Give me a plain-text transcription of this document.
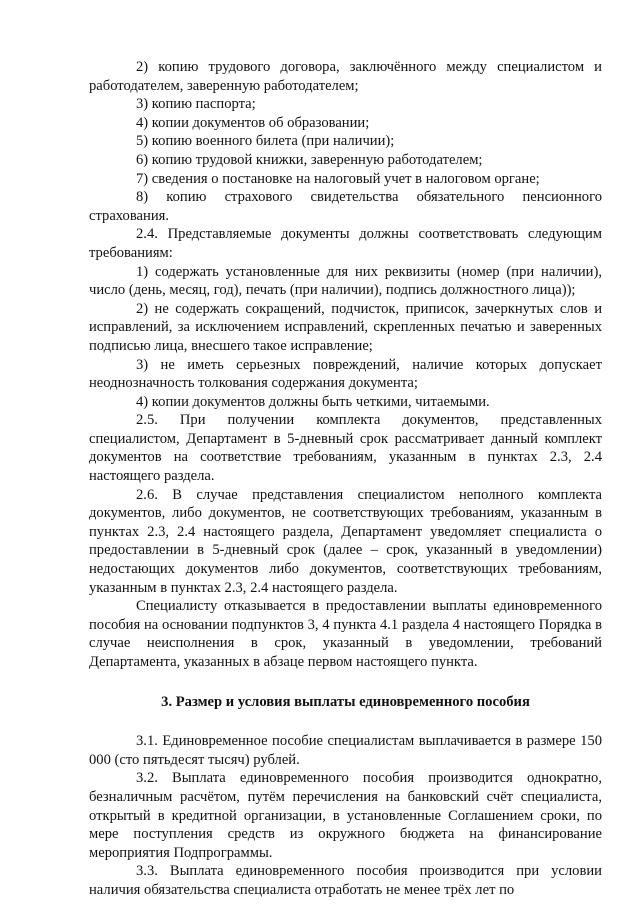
2) копию трудового договора, заключённого между специалистом и работодателем, заверенную работодателем;

3) копию паспорта;

4) копии документов об образовании;

5) копию военного билета (при наличии);

6) копию трудовой книжки, заверенную работодателем;

7) сведения о постановке на налоговый учет в налоговом органе;

8) копию страхового свидетельства обязательного пенсионного страхования.

2.4. Представляемые документы должны соответствовать следующим требованиям:

1) содержать установленные для них реквизиты (номер (при наличии), число (день, месяц, год), печать (при наличии), подпись должностного лица));

2) не содержать сокращений, подчисток, приписок, зачеркнутых слов и исправлений, за исключением исправлений, скрепленных печатью и заверенных подписью лица, внесшего такое исправление;

3) не иметь серьезных повреждений, наличие которых допускает неоднозначность толкования содержания документа;

4) копии документов должны быть четкими, читаемыми.

2.5. При получении комплекта документов, представленных специалистом, Департамент в 5-дневный срок рассматривает данный комплект документов на соответствие требованиям, указанным в пунктах 2.3, 2.4 настоящего раздела.

2.6. В случае представления специалистом неполного комплекта документов, либо документов, не соответствующих требованиям, указанным в пунктах 2.3, 2.4 настоящего раздела, Департамент уведомляет специалиста о предоставлении в 5-дневный срок (далее – срок, указанный в уведомлении) недостающих документов либо документов, соответствующих требованиям, указанным в пунктах 2.3, 2.4 настоящего раздела.

Специалисту отказывается в предоставлении выплаты единовременного пособия на основании подпунктов 3, 4 пункта 4.1 раздела 4 настоящего Порядка в случае неисполнения в срок, указанный в уведомлении, требований Департамента, указанных в абзаце первом настоящего пункта.

3. Размер и условия выплаты единовременного пособия

3.1. Единовременное пособие специалистам выплачивается в размере 150 000 (сто пятьдесят тысяч) рублей.

3.2. Выплата единовременного пособия производится однократно, безналичным расчётом, путём перечисления на банковский счёт специалиста, открытый в кредитной организации, в установленные Соглашением сроки, по мере поступления средств из окружного бюджета на финансирование мероприятия Подпрограммы.

3.3. Выплата единовременного пособия производится при условии наличия обязательства специалиста отработать не менее трёх лет по
